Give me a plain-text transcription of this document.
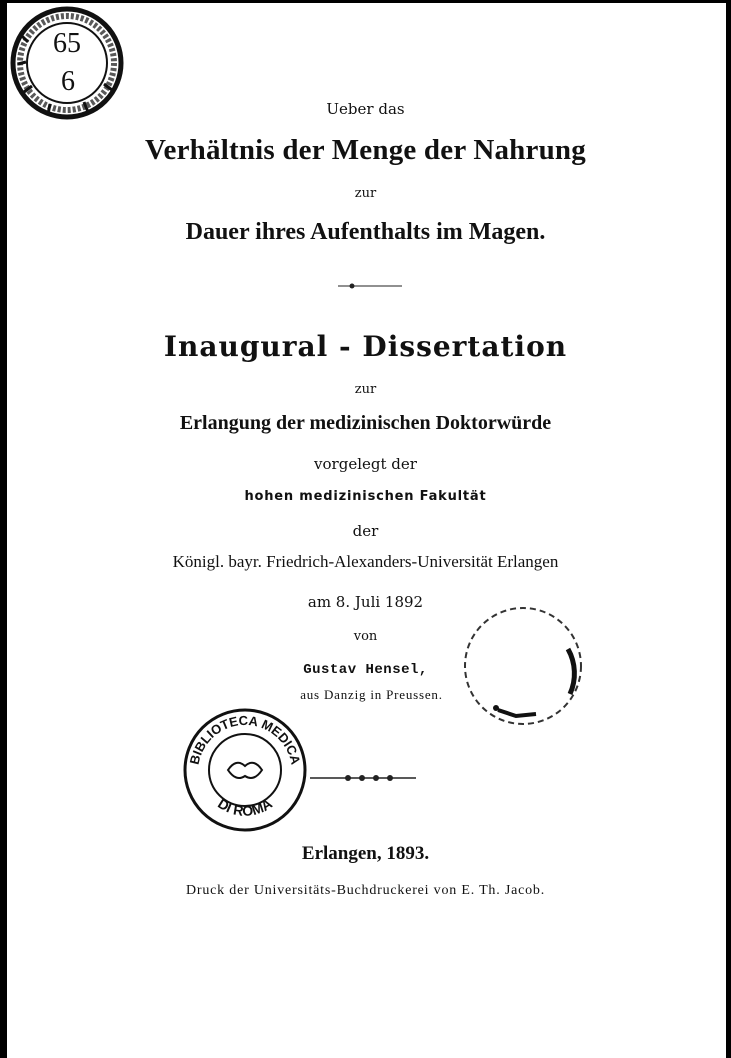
65
6
Ueber das
Verhältnis der Menge der Nahrung
zur
Dauer ihres Aufenthalts im Magen.
Inaugural - Dissertation
zur
Erlangung der medizinischen Doktorwürde
vorgelegt der
hohen medizinischen Fakultät
der
Königl. bayr. Friedrich-Alexanders-Universität Erlangen
am 8. Juli 1892
von
Gustav Hensel,
aus Danzig in Preussen.
BIBLIOTECA MEDICA
DI ROMA
Erlangen, 1893.
Druck der Universitäts-Buchdruckerei von E. Th. Jacob.
